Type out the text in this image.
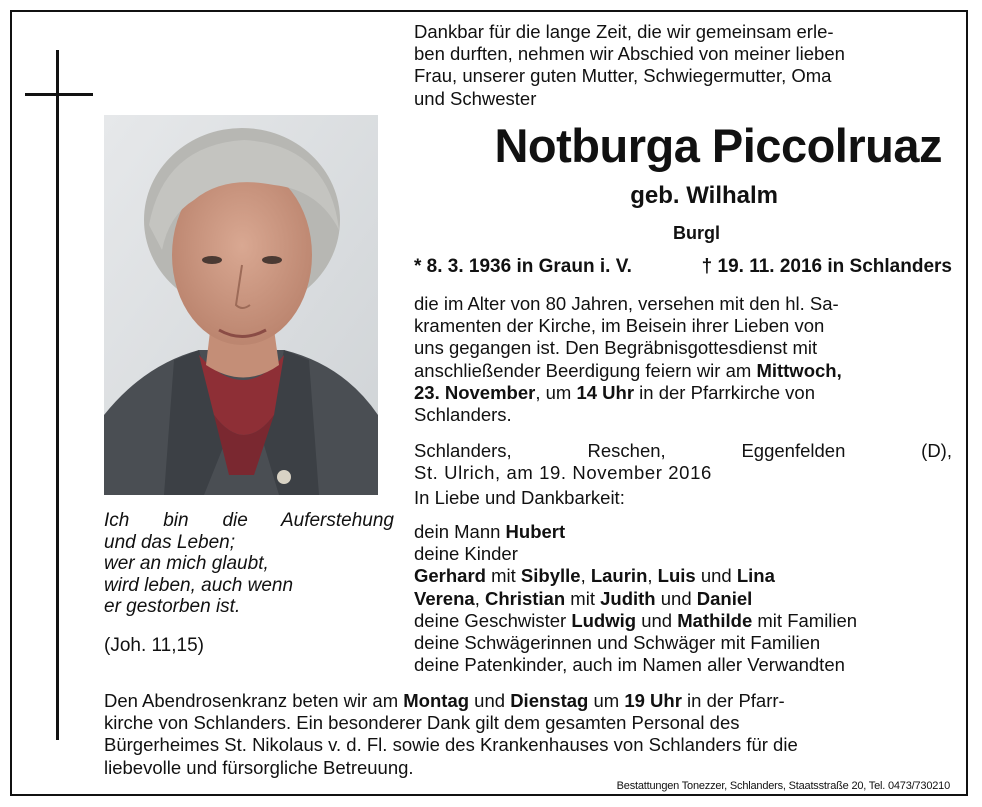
Dankbar für die lange Zeit, die wir gemeinsam erle-
ben durften, nehmen wir Abschied von meiner lieben
Frau, unserer guten Mutter, Schwiegermutter, Oma
und Schwester
Notburga Piccolruaz
geb. Wilhalm
Burgl
* 8. 3. 1936 in Graun i. V.	† 19. 11. 2016 in Schlanders
die im Alter von 80 Jahren, versehen mit den hl. Sa-
kramenten der Kirche, im Beisein ihrer Lieben von
uns gegangen ist. Den Begräbnisgottesdienst mit
anschließender Beerdigung feiern wir am Mittwoch,
23. November, um 14 Uhr in der Pfarrkirche von
Schlanders.
Schlanders,	Reschen,	Eggenfelden	(D),
St. Ulrich, am 19. November 2016
In Liebe und Dankbarkeit:
dein Mann Hubert
deine Kinder
Gerhard mit Sibylle, Laurin, Luis und Lina
Verena, Christian mit Judith und Daniel
deine Geschwister Ludwig und Mathilde mit Familien
deine Schwägerinnen und Schwäger mit Familien
deine Patenkinder, auch im Namen aller Verwandten
Ich bin die Auferstehung
und das Leben;
wer an mich glaubt,
wird leben, auch wenn
er gestorben ist.
(Joh. 11,15)
Den Abendrosenkranz beten wir am Montag und Dienstag um 19 Uhr in der Pfarr-
kirche von Schlanders. Ein besonderer Dank gilt dem gesamten Personal des
Bürgerheimes St. Nikolaus v. d. Fl. sowie des Krankenhauses von Schlanders für die
liebevolle und fürsorgliche Betreuung.
Bestattungen Tonezzer, Schlanders, Staatsstraße 20, Tel. 0473/730210
